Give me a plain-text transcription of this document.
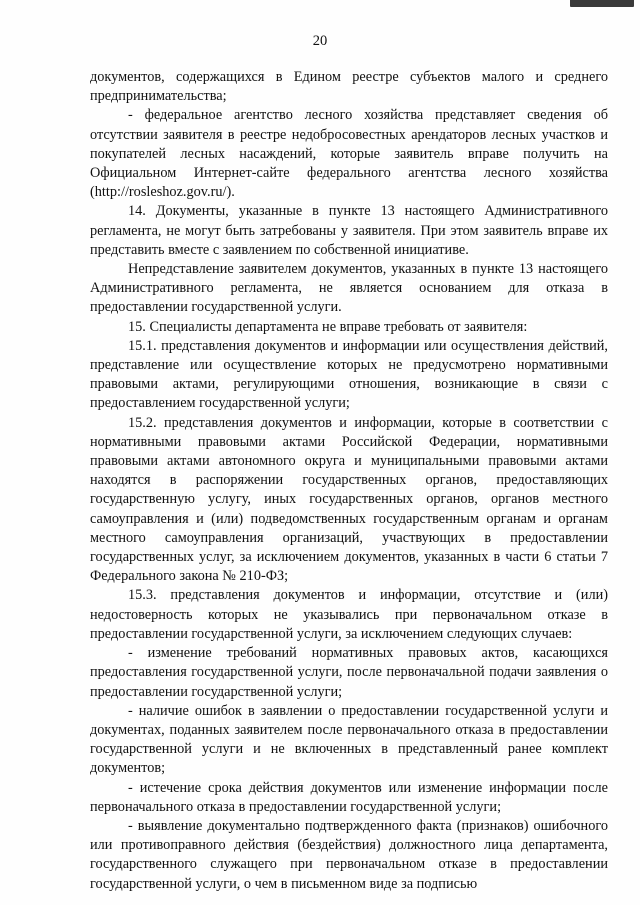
20

документов, содержащихся в Едином реестре субъектов малого и среднего предпринимательства;

- федеральное агентство лесного хозяйства представляет сведения об отсутствии заявителя в реестре недобросовестных арендаторов лесных участков и покупателей лесных насаждений, которые заявитель вправе получить на Официальном Интернет-сайте федерального агентства лесного хозяйства (http://rosleshoz.gov.ru/).

14. Документы, указанные в пункте 13 настоящего Административного регламента, не могут быть затребованы у заявителя. При этом заявитель вправе их представить вместе с заявлением по собственной инициативе.

Непредставление заявителем документов, указанных в пункте 13 настоящего Административного регламента, не является основанием для отказа в предоставлении государственной услуги.

15. Специалисты департамента не вправе требовать от заявителя:

15.1. представления документов и информации или осуществления действий, представление или осуществление которых не предусмотрено нормативными правовыми актами, регулирующими отношения, возникающие в связи с предоставлением государственной услуги;

15.2. представления документов и информации, которые в соответствии с нормативными правовыми актами Российской Федерации, нормативными правовыми актами автономного округа и муниципальными правовыми актами находятся в распоряжении государственных органов, предоставляющих государственную услугу, иных государственных органов, органов местного самоуправления и (или) подведомственных государственным органам и органам местного самоуправления организаций, участвующих в предоставлении государственных услуг, за исключением документов, указанных в части 6 статьи 7 Федерального закона № 210-ФЗ;

15.3. представления документов и информации, отсутствие и (или) недостоверность которых не указывались при первоначальном отказе в предоставлении государственной услуги, за исключением следующих случаев:

- изменение требований нормативных правовых актов, касающихся предоставления государственной услуги, после первоначальной подачи заявления о предоставлении государственной услуги;

- наличие ошибок в заявлении о предоставлении государственной услуги и документах, поданных заявителем после первоначального отказа в предоставлении государственной услуги и не включенных в представленный ранее комплект документов;

- истечение срока действия документов или изменение информации после первоначального отказа в предоставлении государственной услуги;

- выявление документально подтвержденного факта (признаков) ошибочного или противоправного действия (бездействия) должностного лица департамента, государственного служащего при первоначальном отказе в предоставлении государственной услуги, о чем в письменном виде за подписью
